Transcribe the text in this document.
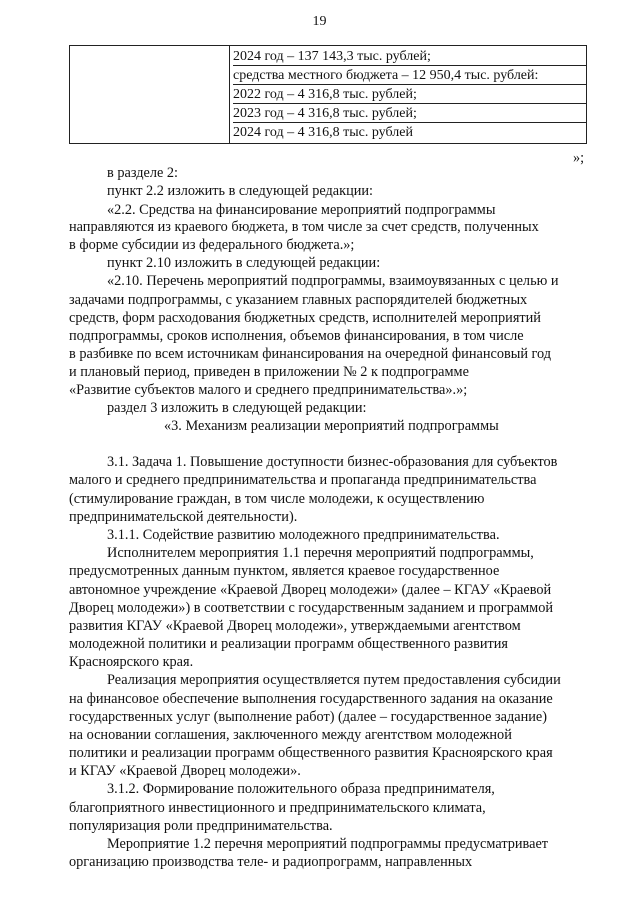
19

2024 год – 137 143,3 тыс. рублей;
средства местного бюджета – 12 950,4 тыс. рублей:
2022 год – 4 316,8 тыс. рублей;
2023 год – 4 316,8 тыс. рублей;
2024 год – 4 316,8 тыс. рублей
»;
в разделе 2:
пункт 2.2 изложить в следующей редакции:
«2.2. Средства на финансирование мероприятий подпрограммы
направляются из краевого бюджета, в том числе за счет средств, полученных
в форме субсидии из федерального бюджета.»;
пункт 2.10 изложить в следующей редакции:
«2.10. Перечень мероприятий подпрограммы, взаимоувязанных с целью и
задачами подпрограммы, с указанием главных распорядителей бюджетных
средств, форм расходования бюджетных средств, исполнителей мероприятий
подпрограммы, сроков исполнения, объемов финансирования, в том числе
в разбивке по всем источникам финансирования на очередной финансовый год
и плановый период, приведен в приложении № 2 к подпрограмме
«Развитие субъектов малого и среднего предпринимательства».»;
раздел 3 изложить в следующей редакции:
«3. Механизм реализации мероприятий подпрограммы
3.1. Задача 1. Повышение доступности бизнес-образования для субъектов
малого и среднего предпринимательства и пропаганда предпринимательства
(стимулирование граждан, в том числе молодежи, к осуществлению
предпринимательской деятельности).
3.1.1. Содействие развитию молодежного предпринимательства.
Исполнителем мероприятия 1.1 перечня мероприятий подпрограммы,
предусмотренных данным пунктом, является краевое государственное
автономное учреждение «Краевой Дворец молодежи» (далее – КГАУ «Краевой
Дворец молодежи») в соответствии с государственным заданием и программой
развития КГАУ «Краевой Дворец молодежи», утверждаемыми агентством
молодежной политики и реализации программ общественного развития
Красноярского края.
Реализация мероприятия осуществляется путем предоставления субсидии
на финансовое обеспечение выполнения государственного задания на оказание
государственных услуг (выполнение работ) (далее – государственное задание)
на основании соглашения, заключенного между агентством молодежной
политики и реализации программ общественного развития Красноярского края
и КГАУ «Краевой Дворец молодежи».
3.1.2. Формирование положительного образа предпринимателя,
благоприятного инвестиционного и предпринимательского климата,
популяризация роли предпринимательства.
Мероприятие 1.2 перечня мероприятий подпрограммы предусматривает
организацию производства теле- и радиопрограмм, направленных
